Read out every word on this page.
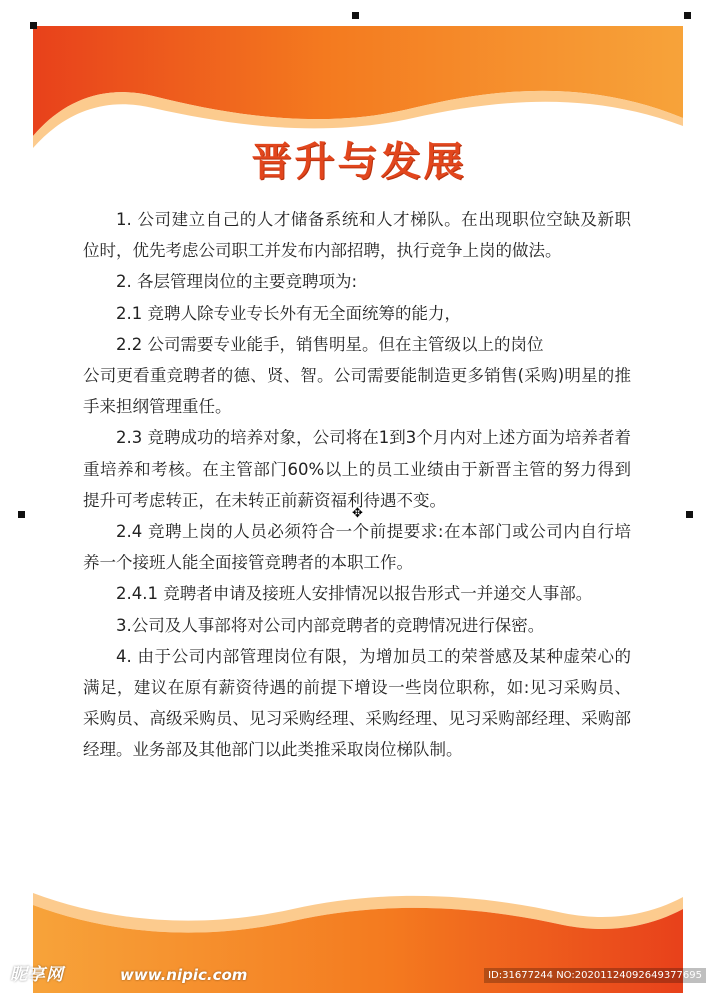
晋升与发展

1. 公司建立自己的人才储备系统和人才梯队。在出现职位空缺及新职位时，优先考虑公司职工并发布内部招聘，执行竞争上岗的做法。

2. 各层管理岗位的主要竞聘项为:

2.1 竞聘人除专业专长外有无全面统筹的能力，

2.2 公司需要专业能手，销售明星。但在主管级以上的岗位

公司更看重竞聘者的德、贤、智。公司需要能制造更多销售(采购)明星的推手来担纲管理重任。

2.3 竞聘成功的培养对象，公司将在1到3个月内对上述方面为培养者着重培养和考核。在主管部门60%以上的员工业绩由于新晋主管的努力得到提升可考虑转正，在未转正前薪资福利待遇不变。

2.4 竞聘上岗的人员必须符合一个前提要求:在本部门或公司内自行培养一个接班人能全面接管竞聘者的本职工作。

2.4.1 竞聘者申请及接班人安排情况以报告形式一并递交人事部。

3.公司及人事部将对公司内部竞聘者的竞聘情况进行保密。

4. 由于公司内部管理岗位有限，为增加员工的荣誉感及某种虚荣心的满足，建议在原有薪资待遇的前提下增设一些岗位职称，如:见习采购员、采购员、高级采购员、见习采购经理、采购经理、见习采购部经理、采购部经理。业务部及其他部门以此类推采取岗位梯队制。

✥
昵享网	www.nipic.com	ID:31677244 NO:20201124092649377695
